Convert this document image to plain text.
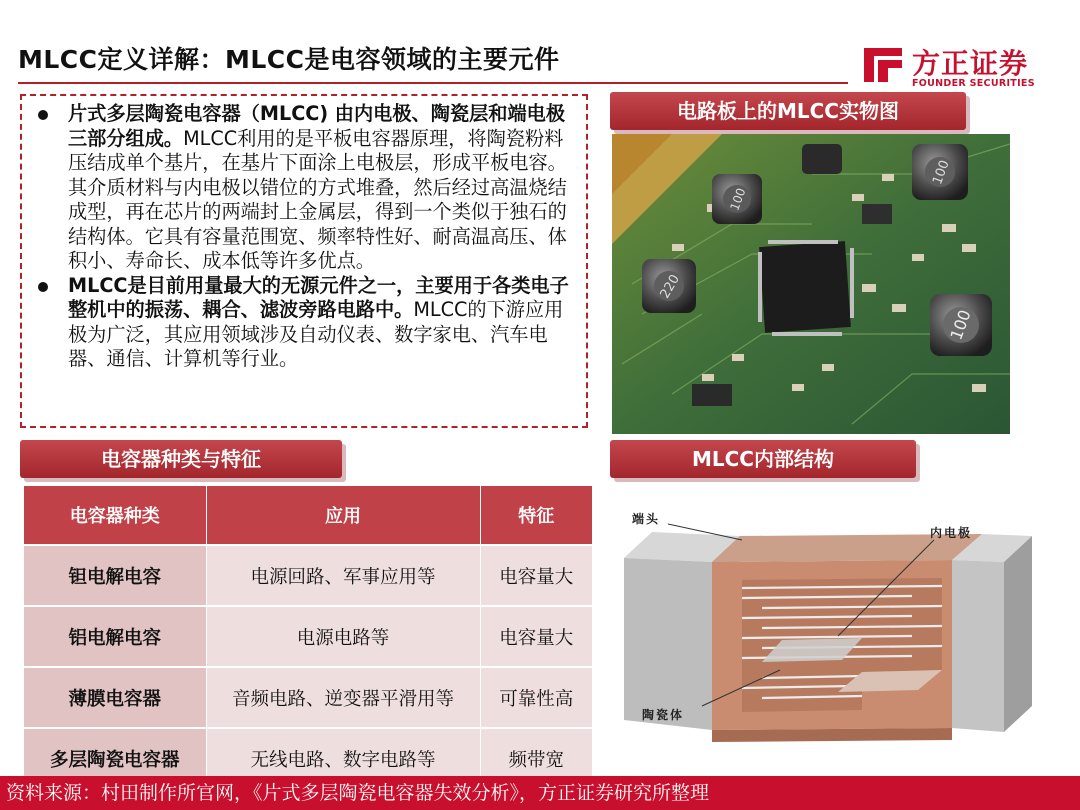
MLCC定义详解：MLCC是电容领域的主要元件	方正证券
FOUNDER SECURITIES
片式多层陶瓷电容器（MLCC) 由内电极、陶瓷层和端电极三部分组成。MLCC利用的是平板电容器原理，将陶瓷粉料压结成单个基片，在基片下面涂上电极层，形成平板电容。其介质材料与内电极以错位的方式堆叠，然后经过高温烧结成型，再在芯片的两端封上金属层，得到一个类似于独石的结构体。它具有容量范围宽、频率特性好、耐高温高压、体积小、寿命长、成本低等许多优点。
MLCC是目前用量最大的无源元件之一，主要用于各类电子整机中的振荡、耦合、滤波旁路电路中。MLCC的下游应用极为广泛，其应用领域涉及自动仪表、数字家电、汽车电器、通信、计算机等行业。
电路板上的MLCC实物图
电容器种类与特征	MLCC内部结构
100
100
100
220
电容器种类	应用	特征
钽电解电容	电源回路、军事应用等	电容量大
铝电解电容	电源电路等	电容量大
薄膜电容器	音频电路、逆变器平滑用等	可靠性高
多层陶瓷电容器	无线电路、数字电路等	频带宽
端头
内电极
陶瓷体
资料来源：村田制作所官网，《片式多层陶瓷电容器失效分析》，方正证券研究所整理
